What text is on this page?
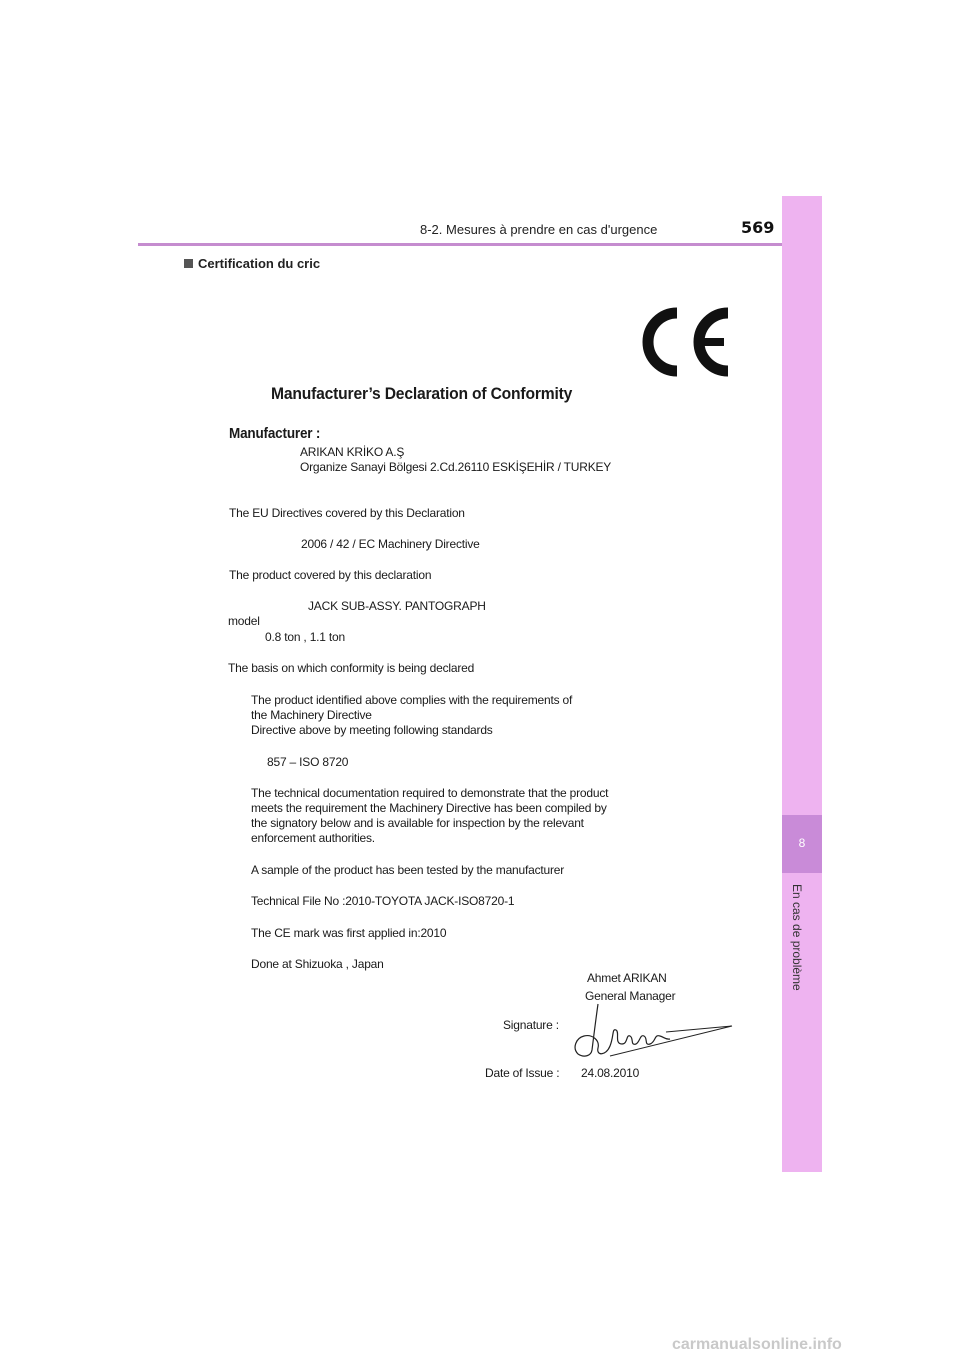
8-2. Mesures à prendre en cas d'urgence	569
8
En cas de problème
Certification du cric
Manufacturer’s Declaration of Conformity
Manufacturer :
ARIKAN KRİKO A.Ş
Organize Sanayi Bölgesi 2.Cd.26110 ESKİŞEHİR / TURKEY
The EU Directives covered by this Declaration
2006 / 42 / EC Machinery Directive
The product covered by this declaration
JACK SUB-ASSY. PANTOGRAPH
model
0.8 ton , 1.1 ton
The basis on which conformity is being declared
The product identified above complies with the requirements of
the Machinery Directive
Directive above by meeting following standards
857 – ISO 8720
The technical documentation required to demonstrate that the product
meets the requirement the Machinery Directive has been compiled by
the signatory below and is available for inspection by the relevant
enforcement authorities.
A sample of the product has been tested by the manufacturer
Technical File No :2010-TOYOTA JACK-ISO8720-1
The CE mark was first applied in:2010
Done at Shizuoka , Japan
Ahmet ARIKAN
General Manager
Signature :
Date of Issue : 24.08.2010
carmanualsonline.info
